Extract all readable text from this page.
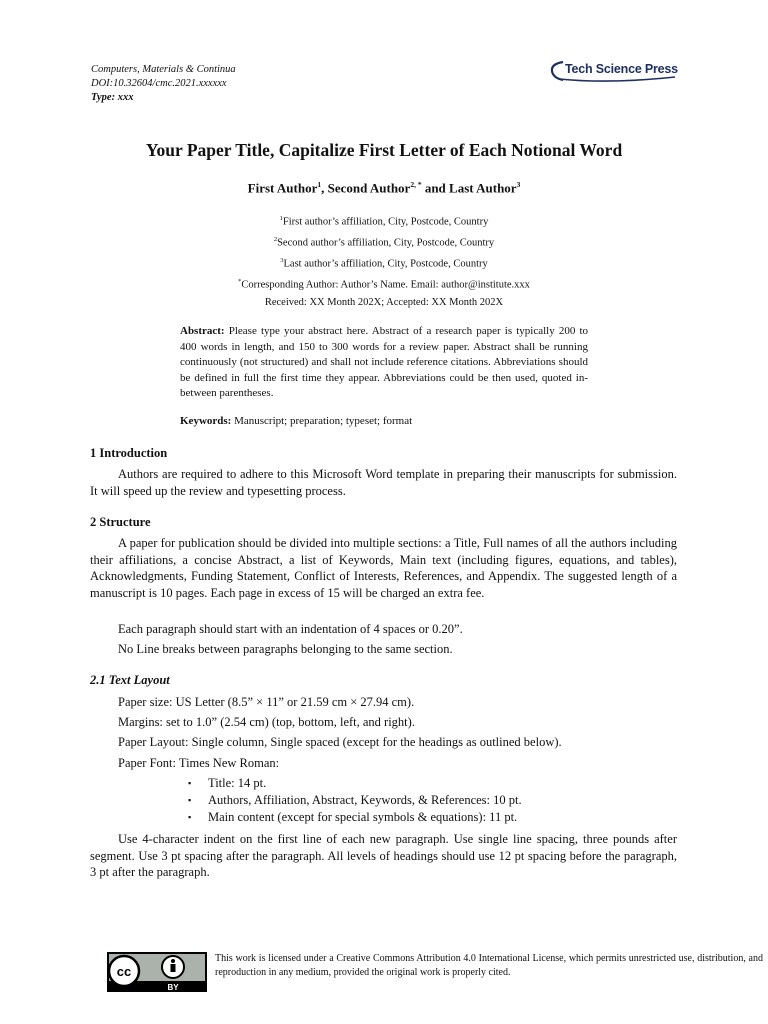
Computers, Materials & Continua
DOI:10.32604/cmc.2021.xxxxxx
Type: xxx
Tech Science Press
Your Paper Title, Capitalize First Letter of Each Notional Word
First Author$^1$, Second Author$^{2, *}$ and Last Author$^3$
$^1$First author’s affiliation, City, Postcode, Country
$^2$Second author’s affiliation, City, Postcode, Country
$^3$Last author’s affiliation, City, Postcode, Country
*Corresponding Author: Author’s Name. Email: author@institute.xxx
Received: XX Month 202X; Accepted: XX Month 202X
Abstract: Please type your abstract here. Abstract of a research paper is typically 200 to 400 words in length, and 150 to 300 words for a review paper. Abstract shall be running continuously (not structured) and shall not include reference citations. Abbreviations should be defined in full the first time they appear. Abbreviations could be then used, quoted in-between parentheses.
Keywords: Manuscript; preparation; typeset; format
1 Introduction
Authors are required to adhere to this Microsoft Word template in preparing their manuscripts for submission. It will speed up the review and typesetting process.
2 Structure
A paper for publication should be divided into multiple sections: a Title, Full names of all the authors including their affiliations, a concise Abstract, a list of Keywords, Main text (including figures, equations, and tables), Acknowledgments, Funding Statement, Conflict of Interests, References, and Appendix. The suggested length of a manuscript is 10 pages. Each page in excess of 15 will be charged an extra fee.
Each paragraph should start with an indentation of 4 spaces or 0.20”.
No Line breaks between paragraphs belonging to the same section.
2.1 Text Layout
Paper size: US Letter (8.5” × 11” or 21.59 cm × 27.94 cm).
Margins: set to 1.0” (2.54 cm) (top, bottom, left, and right).
Paper Layout: Single column, Single spaced (except for the headings as outlined below).
Paper Font: Times New Roman:
▪ Title: 14 pt.
▪ Authors, Affiliation, Abstract, Keywords, & References: 10 pt.
▪ Main content (except for special symbols & equations): 11 pt.
Use 4-character indent on the first line of each new paragraph. Use single line spacing, three pounds after segment. Use 3 pt spacing after the paragraph. All levels of headings should use 12 pt spacing before the paragraph, 3 pt after the paragraph.
cc
BY
This work is licensed under a Creative Commons Attribution 4.0 International License, which permits unrestricted use, distribution, and reproduction in any medium, provided the original work is properly cited.
